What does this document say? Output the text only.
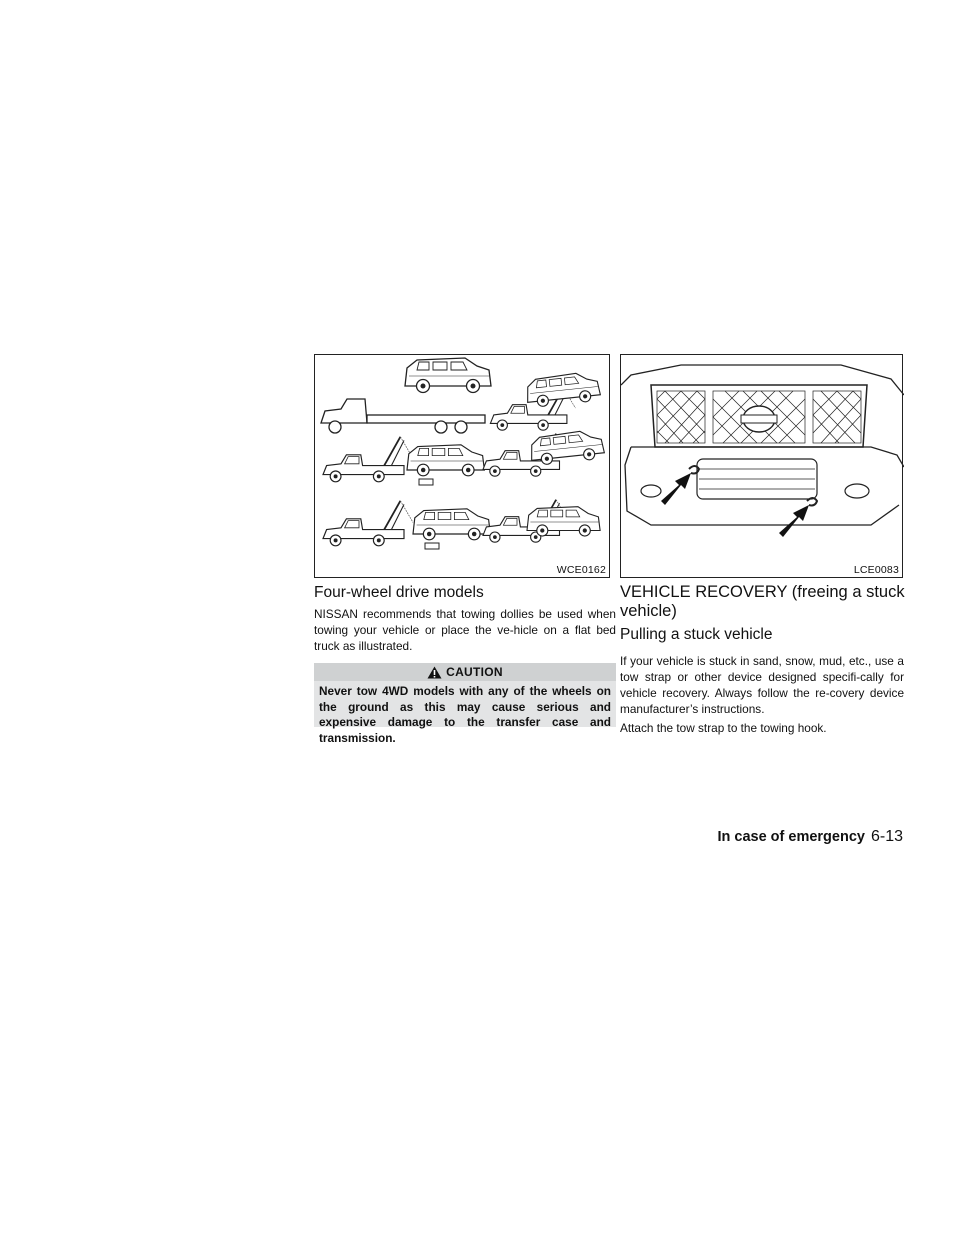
WCE0162	LCE0083
Four-wheel drive models

NISSAN recommends that towing dollies be used when towing your vehicle or place the ve-hicle on a flat bed truck as illustrated.

CAUTION

Never tow 4WD models with any of the wheels on the ground as this may cause serious and expensive damage to the transfer case and transmission.

VEHICLE RECOVERY (freeing a stuck vehicle)
Pulling a stuck vehicle

If your vehicle is stuck in sand, snow, mud, etc., use a tow strap or other device designed specifi-cally for vehicle recovery. Always follow the re-covery device manufacturer’s instructions.

Attach the tow strap to the towing hook.

In case of emergency 6-13
